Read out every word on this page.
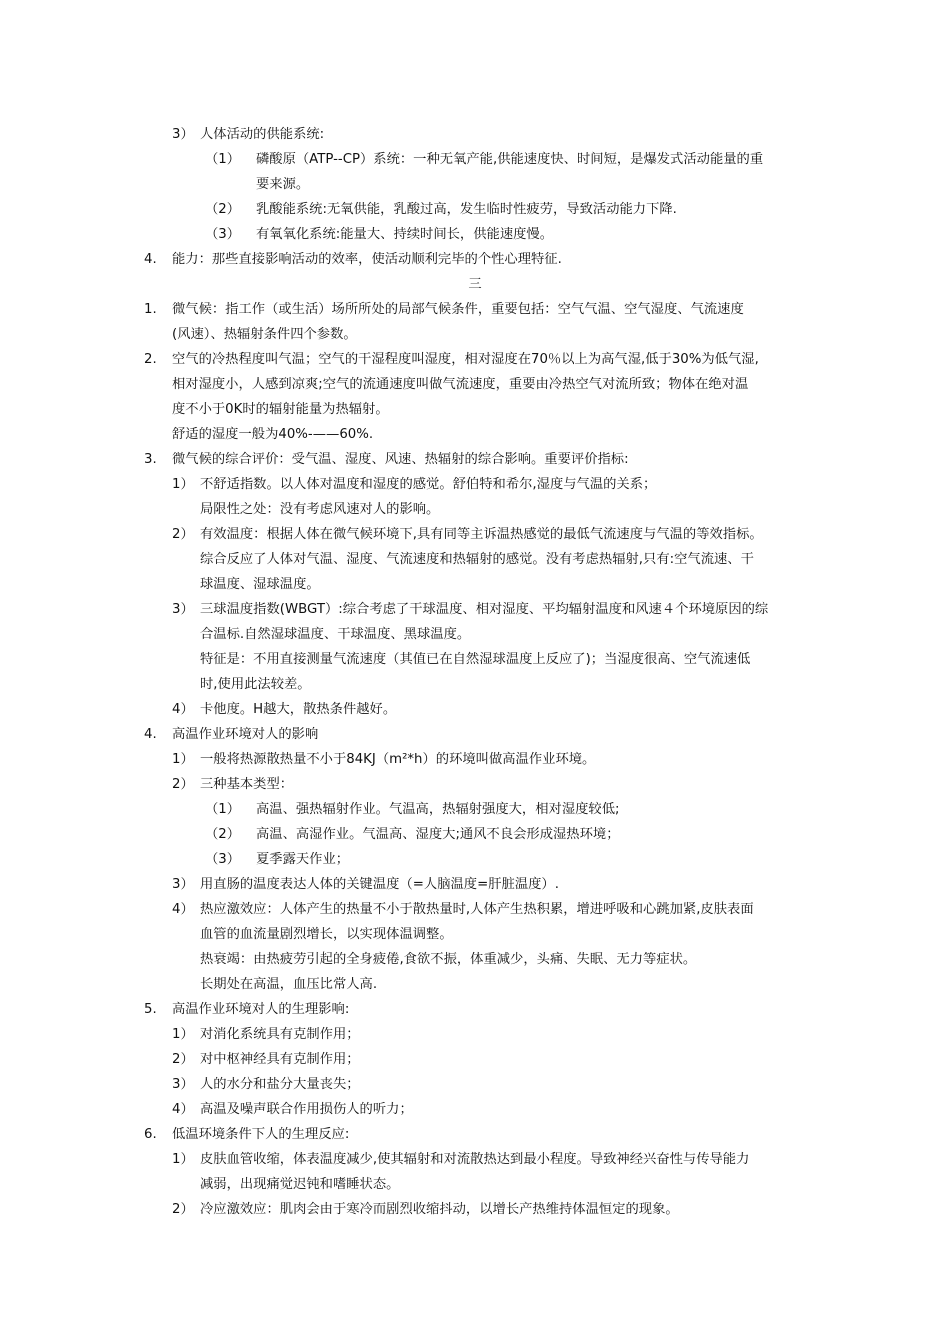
3） 人体活动的供能系统:
（1） 磷酸原（ATP--CP）系统：一种无氧产能,供能速度快、时间短，是爆发式活动能量的重
要来源。
（2） 乳酸能系统:无氧供能，乳酸过高，发生临时性疲劳，导致活动能力下降.
（3） 有氧氧化系统:能量大、持续时间长，供能速度慢。
4. 能力：那些直接影响活动的效率，使活动顺利完毕的个性心理特征.
三
1. 微气候：指工作（或生活）场所所处的局部气候条件，重要包括：空气气温、空气湿度、气流速度
(风速）、热辐射条件四个参数。
2. 空气的冷热程度叫气温；空气的干湿程度叫湿度，相对湿度在70％以上为高气湿,低于30%为低气湿,
相对湿度小，人感到凉爽;空气的流通速度叫做气流速度，重要由冷热空气对流所致；物体在绝对温
度不小于0K时的辐射能量为热辐射。
舒适的湿度一般为40%-——60%.
3. 微气候的综合评价：受气温、湿度、风速、热辐射的综合影响。重要评价指标:
1） 不舒适指数。以人体对温度和湿度的感觉。舒伯特和希尔,湿度与气温的关系；
局限性之处：没有考虑风速对人的影响。
2） 有效温度：根据人体在微气候环境下,具有同等主诉温热感觉的最低气流速度与气温的等效指标。
综合反应了人体对气温、湿度、气流速度和热辐射的感觉。没有考虑热辐射,只有:空气流速、干
球温度、湿球温度。
3） 三球温度指数(WBGT）:综合考虑了干球温度、相对湿度、平均辐射温度和风速４个环境原因的综
合温标.自然湿球温度、干球温度、黑球温度。
特征是：不用直接测量气流速度（其值已在自然湿球温度上反应了)；当湿度很高、空气流速低
时,使用此法较差。
4） 卡他度。H越大，散热条件越好。
4. 高温作业环境对人的影响
1） 一般将热源散热量不小于84KJ（m²*h）的环境叫做高温作业环境。
2） 三种基本类型：
（1） 高温、强热辐射作业。气温高，热辐射强度大，相对湿度较低;
（2） 高温、高湿作业。气温高、湿度大;通风不良会形成湿热环境；
（3） 夏季露天作业；
3） 用直肠的温度表达人体的关键温度（=人脑温度=肝脏温度）.
4） 热应激效应：人体产生的热量不小于散热量时,人体产生热积累，增进呼吸和心跳加紧,皮肤表面
血管的血流量剧烈增长，以实现体温调整。
热衰竭：由热疲劳引起的全身疲倦,食欲不振，体重减少，头痛、失眠、无力等症状。
长期处在高温，血压比常人高.
5. 高温作业环境对人的生理影响:
1） 对消化系统具有克制作用；
2） 对中枢神经具有克制作用；
3） 人的水分和盐分大量丧失；
4） 高温及噪声联合作用损伤人的听力；
6. 低温环境条件下人的生理反应:
1） 皮肤血管收缩，体表温度减少,使其辐射和对流散热达到最小程度。导致神经兴奋性与传导能力
减弱，出现痛觉迟钝和嗜睡状态。
2） 冷应激效应：肌肉会由于寒冷而剧烈收缩抖动，以增长产热维持体温恒定的现象。
